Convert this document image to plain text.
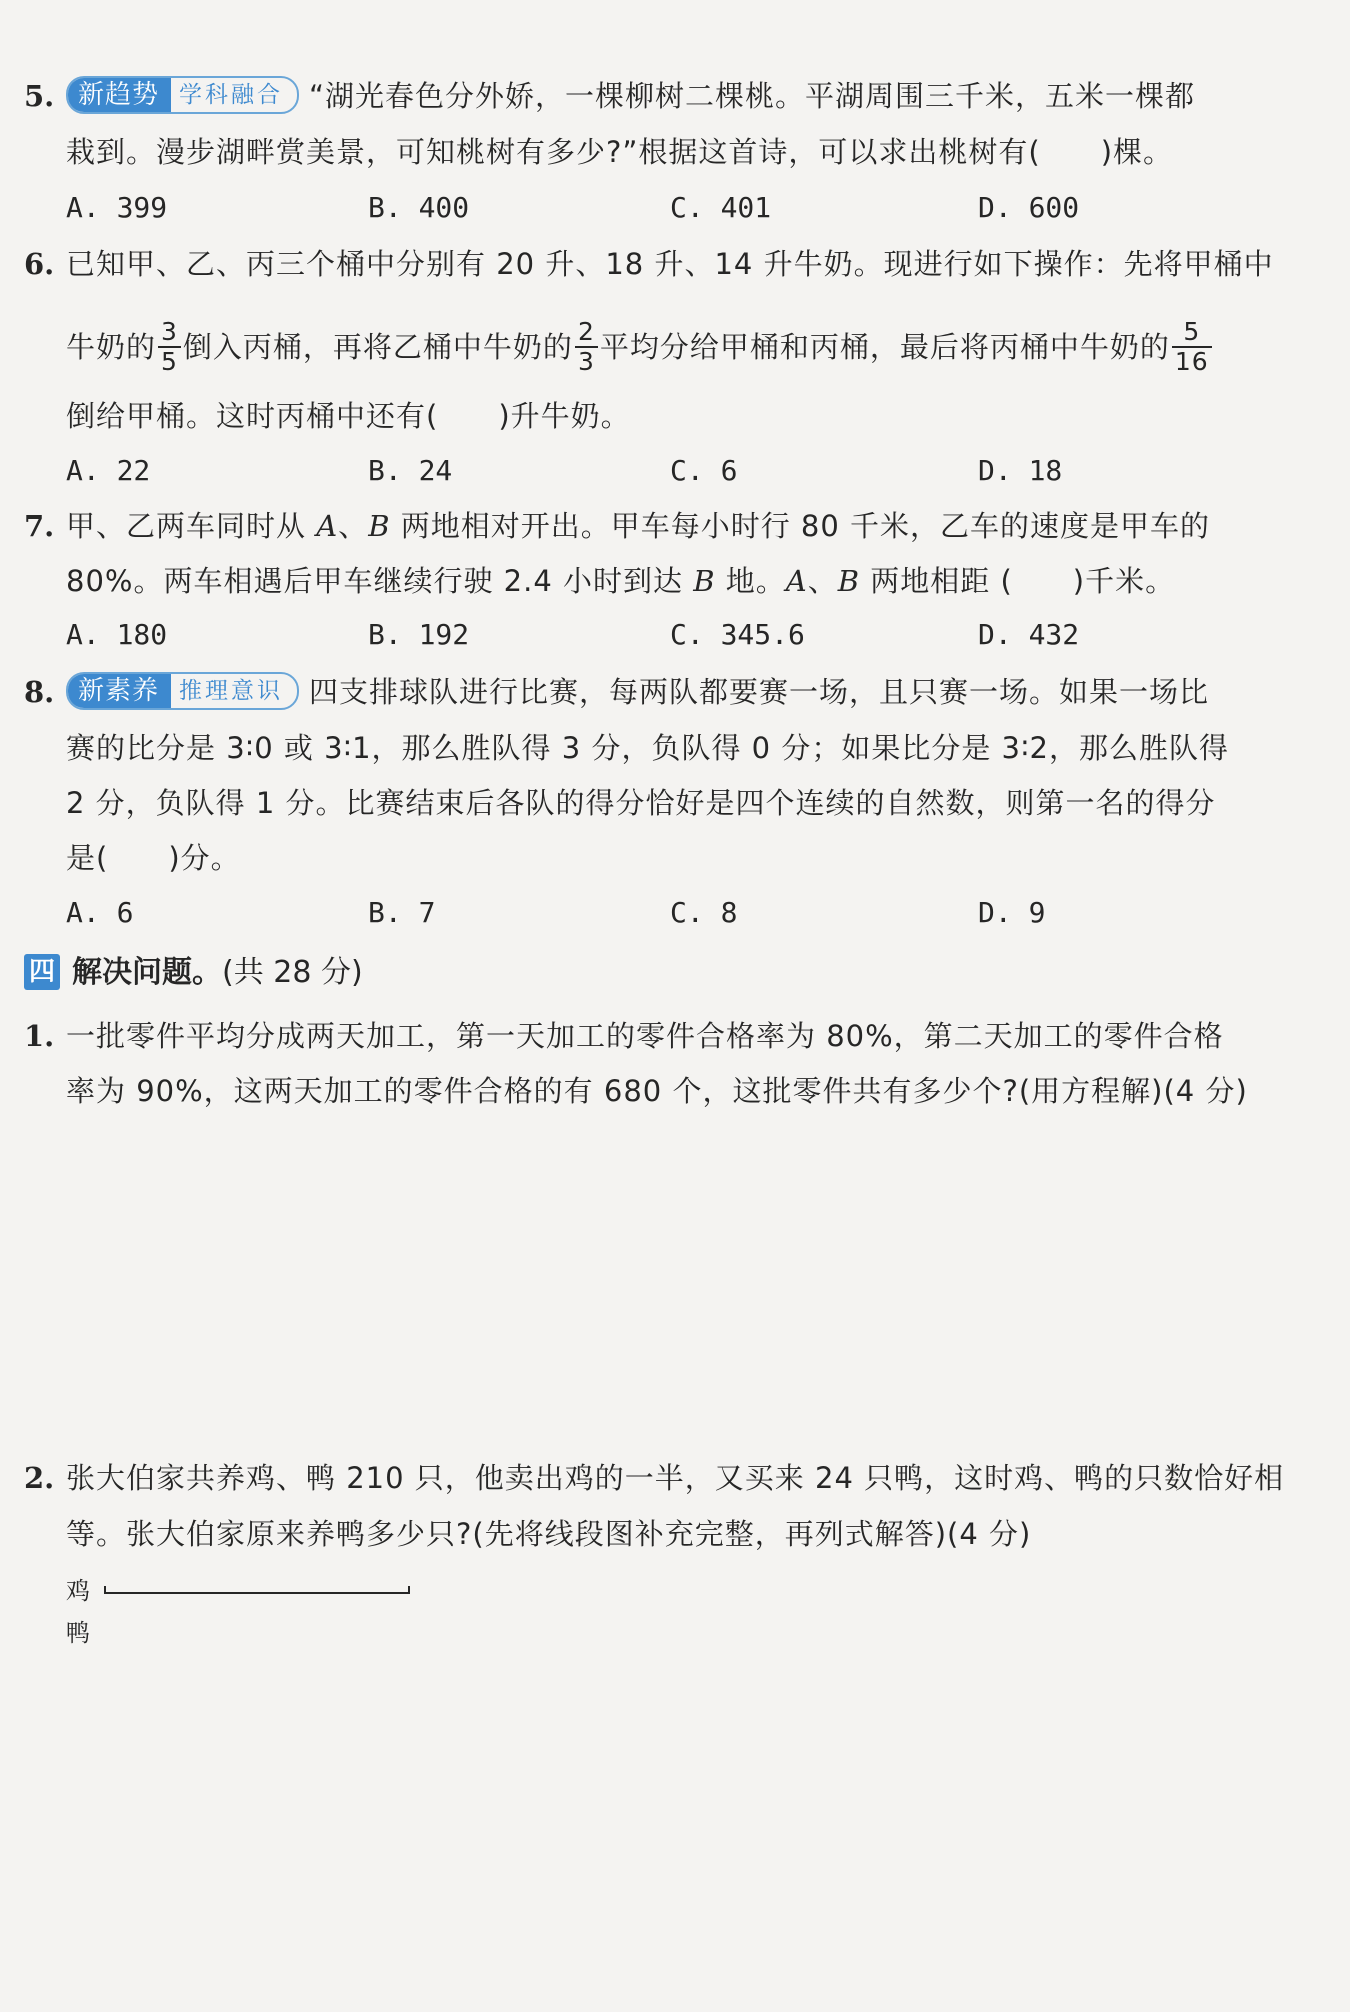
5. 新趋势 学科融合 “湖光春色分外娇，一棵柳树二棵桃。平湖周围三千米，五米一棵都
栽到。漫步湖畔赏美景，可知桃树有多少?”根据这首诗，可以求出桃树有(　　)棵。
A. 399	B. 400	C. 401	D. 600
6. 已知甲、乙、丙三个桶中分别有 20 升、18 升、14 升牛奶。现进行如下操作：先将甲桶中
牛奶的 $\frac{3}{5}$ 倒入丙桶，再将乙桶中牛奶的 $\frac{2}{3}$ 平均分给甲桶和丙桶，最后将丙桶中牛奶的 $\frac{5}{16}$
倒给甲桶。这时丙桶中还有(　　)升牛奶。
A. 22	B. 24	C. 6	D. 18
7. 甲、乙两车同时从 A、B 两地相对开出。甲车每小时行 80 千米，乙车的速度是甲车的
80%。两车相遇后甲车继续行驶 2.4 小时到达 B 地。A、B 两地相距 (　　)千米。
A. 180	B. 192	C. 345.6	D. 432
8. 新素养 推理意识 四支排球队进行比赛，每两队都要赛一场，且只赛一场。如果一场比
赛的比分是 3∶0 或 3∶1，那么胜队得 3 分，负队得 0 分；如果比分是 3∶2，那么胜队得
2 分，负队得 1 分。比赛结束后各队的得分恰好是四个连续的自然数，则第一名的得分
是(　　)分。
A. 6	B. 7	C. 8	D. 9
四 解决问题。(共 28 分)
1. 一批零件平均分成两天加工，第一天加工的零件合格率为 80%，第二天加工的零件合格
率为 90%，这两天加工的零件合格的有 680 个，这批零件共有多少个?(用方程解)(4 分)
2. 张大伯家共养鸡、鸭 210 只，他卖出鸡的一半，又买来 24 只鸭，这时鸡、鸭的只数恰好相
等。张大伯家原来养鸭多少只?(先将线段图补充完整，再列式解答)(4 分)
鸡
鸭
